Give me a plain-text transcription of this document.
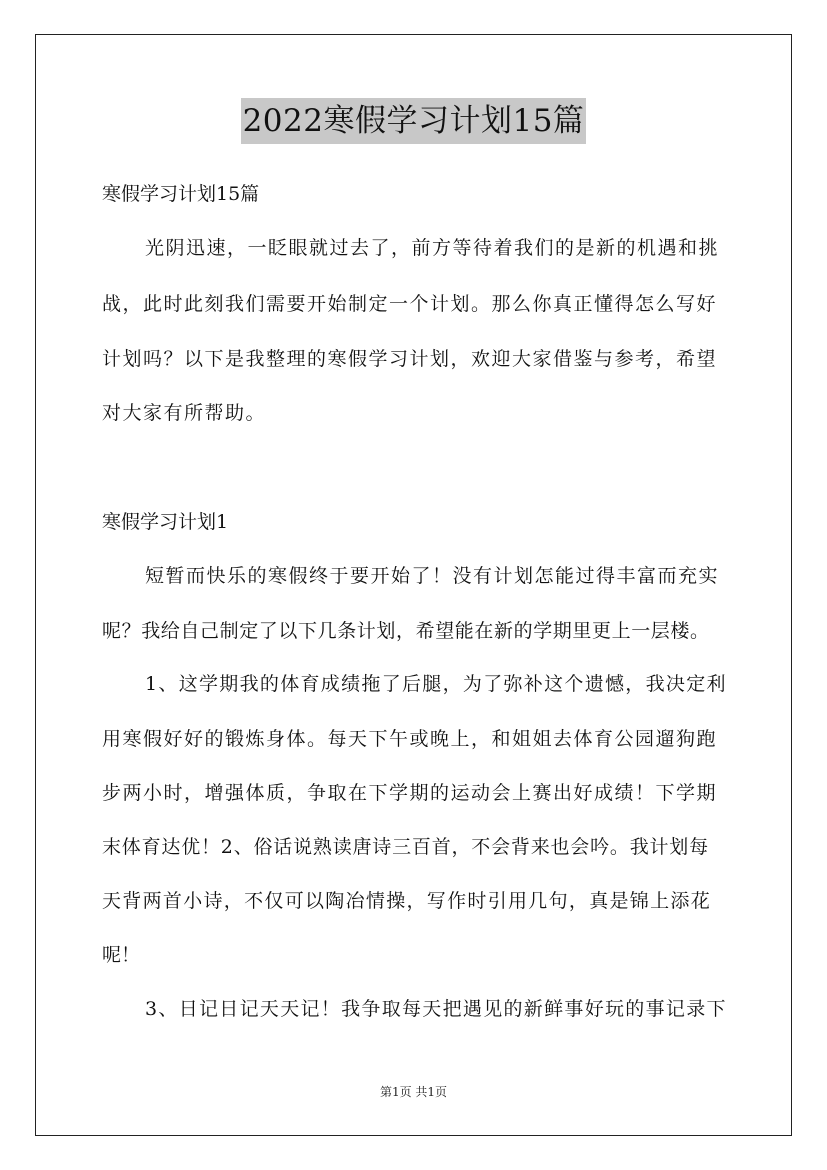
2022寒假学习计划15篇
寒假学习计划15篇
光阴迅速，一眨眼就过去了，前方等待着我们的是新的机遇和挑
战，此时此刻我们需要开始制定一个计划。那么你真正懂得怎么写好
计划吗？以下是我整理的寒假学习计划，欢迎大家借鉴与参考，希望
对大家有所帮助。
寒假学习计划1
短暂而快乐的寒假终于要开始了！没有计划怎能过得丰富而充实
呢？我给自己制定了以下几条计划，希望能在新的学期里更上一层楼。
1、这学期我的体育成绩拖了后腿，为了弥补这个遗憾，我决定利
用寒假好好的锻炼身体。每天下午或晚上，和姐姐去体育公园遛狗跑
步两小时，增强体质，争取在下学期的运动会上赛出好成绩！下学期
末体育达优！2、俗话说熟读唐诗三百首，不会背来也会吟。我计划每
天背两首小诗，不仅可以陶冶情操，写作时引用几句，真是锦上添花
呢！
3、日记日记天天记！我争取每天把遇见的新鲜事好玩的事记录下
第1页 共1页
